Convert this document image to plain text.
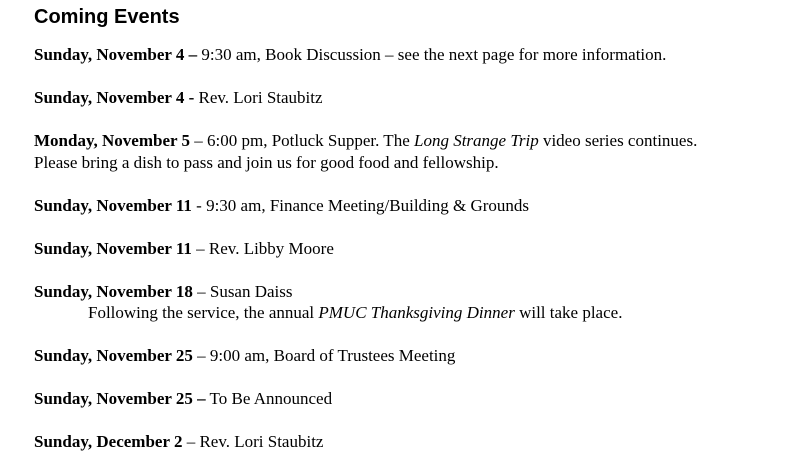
Coming Events
Sunday, November 4 – 9:30 am, Book Discussion – see the next page for more information.
Sunday, November 4 - Rev. Lori Staubitz
Monday, November 5 – 6:00 pm, Potluck Supper. The Long Strange Trip video series continues.
Please bring a dish to pass and join us for good food and fellowship.
Sunday, November 11 - 9:30 am, Finance Meeting/Building & Grounds
Sunday, November 11 – Rev. Libby Moore
Sunday, November 18 – Susan Daiss
Following the service, the annual PMUC Thanksgiving Dinner will take place.
Sunday, November 25 – 9:00 am, Board of Trustees Meeting
Sunday, November 25 – To Be Announced
Sunday, December 2 – Rev. Lori Staubitz
